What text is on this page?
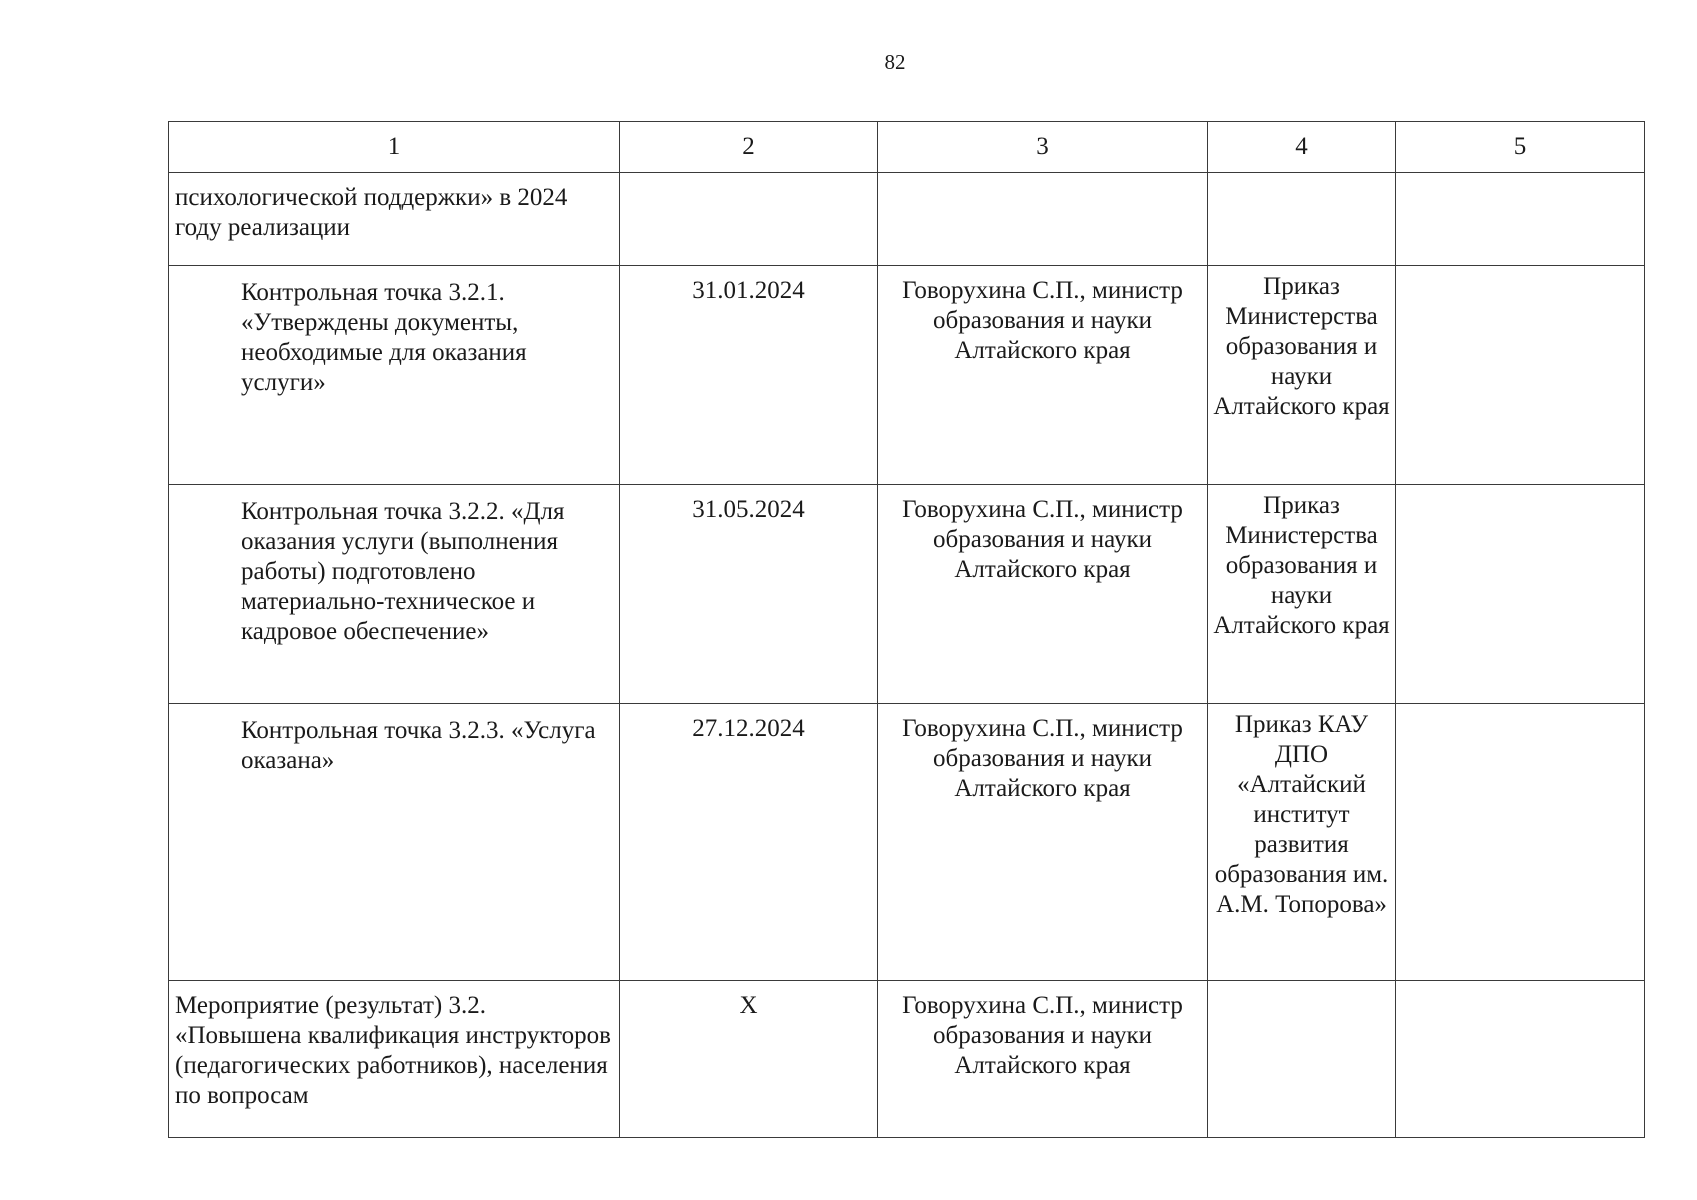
82
1	2	3	4	5
психологической поддержки» в 2024 году реализации				
Контрольная точка 3.2.1. «Утверждены документы, необходимые для оказания услуги»	31.01.2024	Говорухина С.П., министр образования и науки Алтайского края	Приказ Министерства образования и науки Алтайского края	
Контрольная точка 3.2.2. «Для оказания услуги (выполнения работы) подготовлено материально-техническое и кадровое обеспечение»	31.05.2024	Говорухина С.П., министр образования и науки Алтайского края	Приказ Министерства образования и науки Алтайского края	
Контрольная точка 3.2.3. «Услуга оказана»	27.12.2024	Говорухина С.П., министр образования и науки Алтайского края	Приказ КАУ ДПО «Алтайский институт развития образования им. А.М. Топорова»	
Мероприятие (результат) 3.2. «Повышена квалификация инструкторов (педагогических работников), населения по вопросам	Х	Говорухина С.П., министр образования и науки Алтайского края		
